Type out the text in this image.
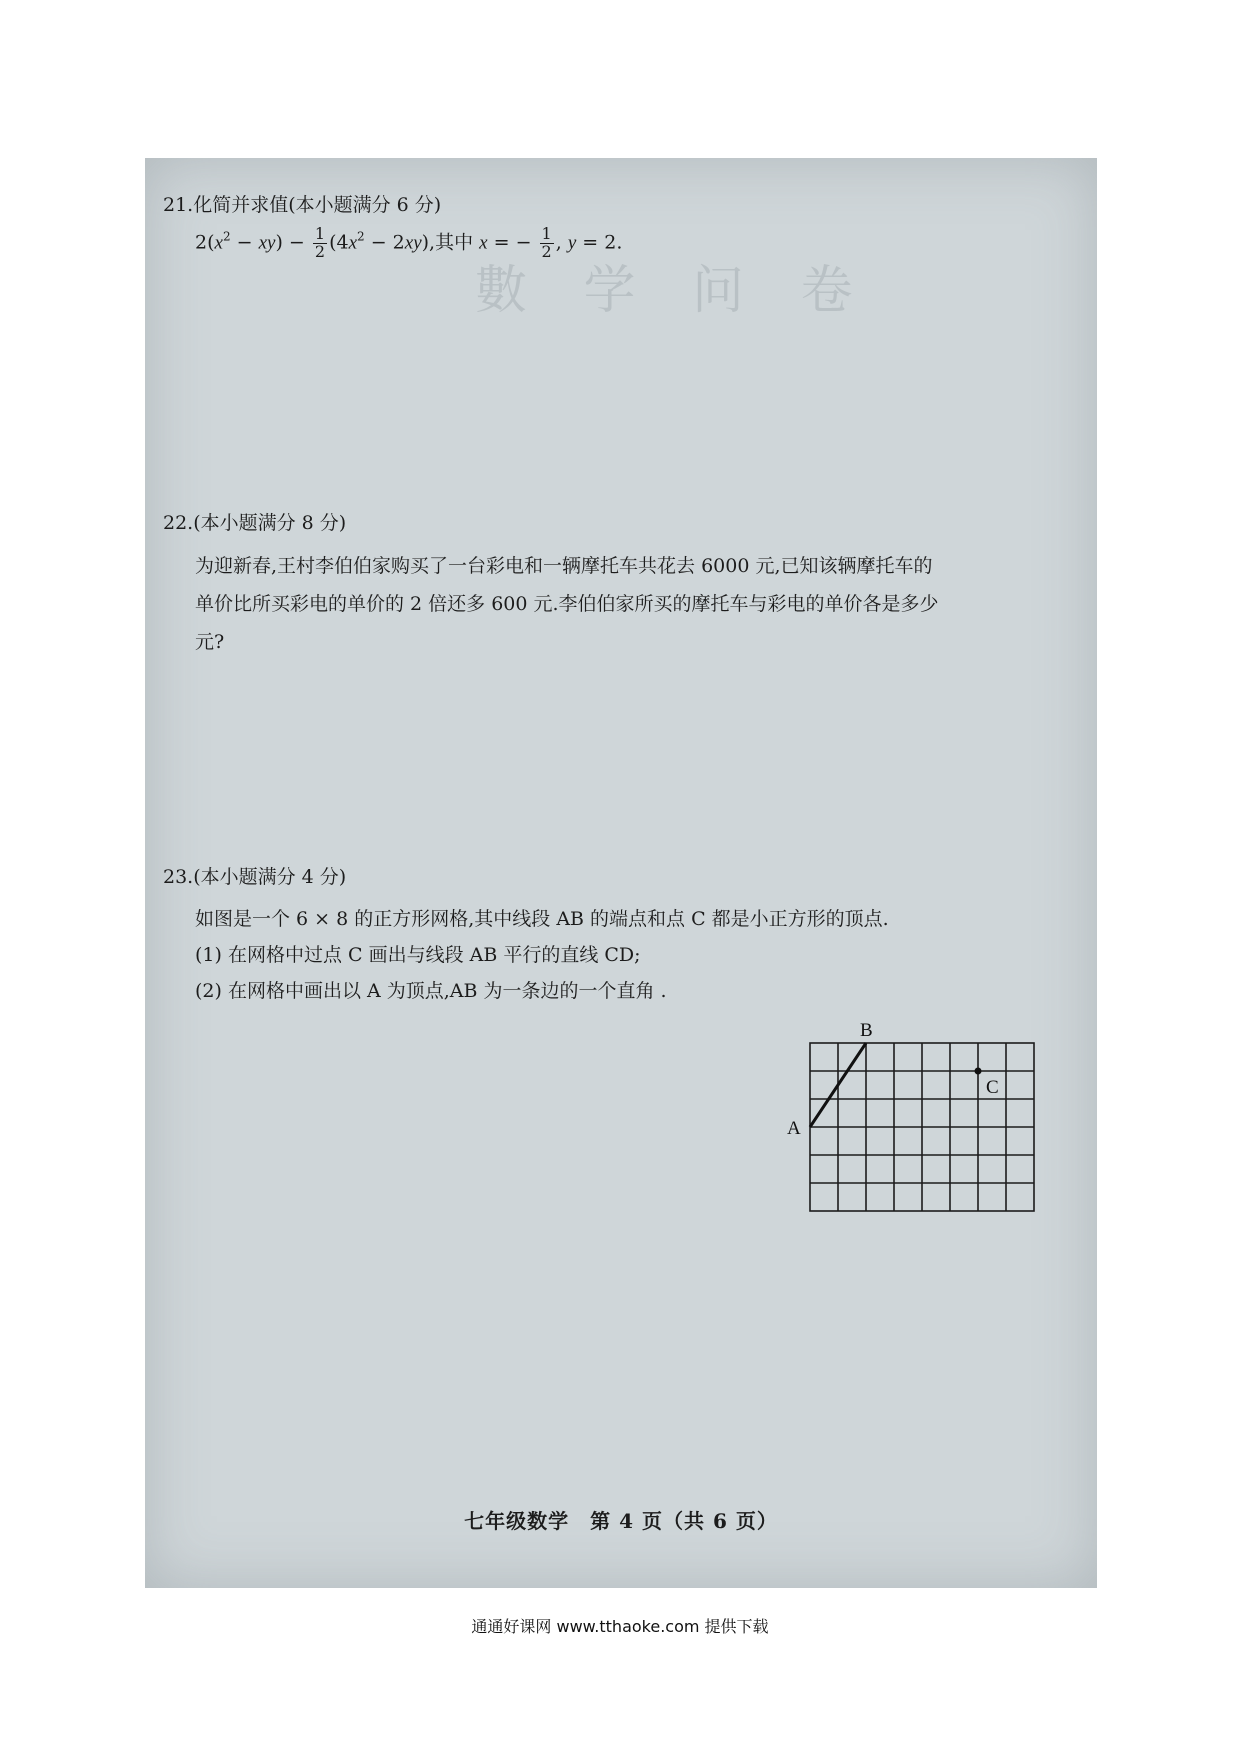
數 学 问 卷
21.化简并求值(本小题满分 6 分)
$2(x^2 - xy) - \frac{1}{2} (4x^2 - 2xy)$,其中 x = − $\frac{1}{2}$ , y = 2.
22.(本小题满分 8 分)
为迎新春,王村李伯伯家购买了一台彩电和一辆摩托车共花去 6000 元,已知该辆摩托车的
单价比所买彩电的单价的 2 倍还多 600 元.李伯伯家所买的摩托车与彩电的单价各是多少
元?
23.(本小题满分 4 分)
如图是一个 6 × 8 的正方形网格,其中线段 AB 的端点和点 C 都是小正方形的顶点.
(1) 在网格中过点 C 画出与线段 AB 平行的直线 CD;
(2) 在网格中画出以 A 为顶点,AB 为一条边的一个直角 .
A
B
C
七年级数学　第 4 页（共 6 页）
通通好课网 www.tthaoke.com 提供下载
